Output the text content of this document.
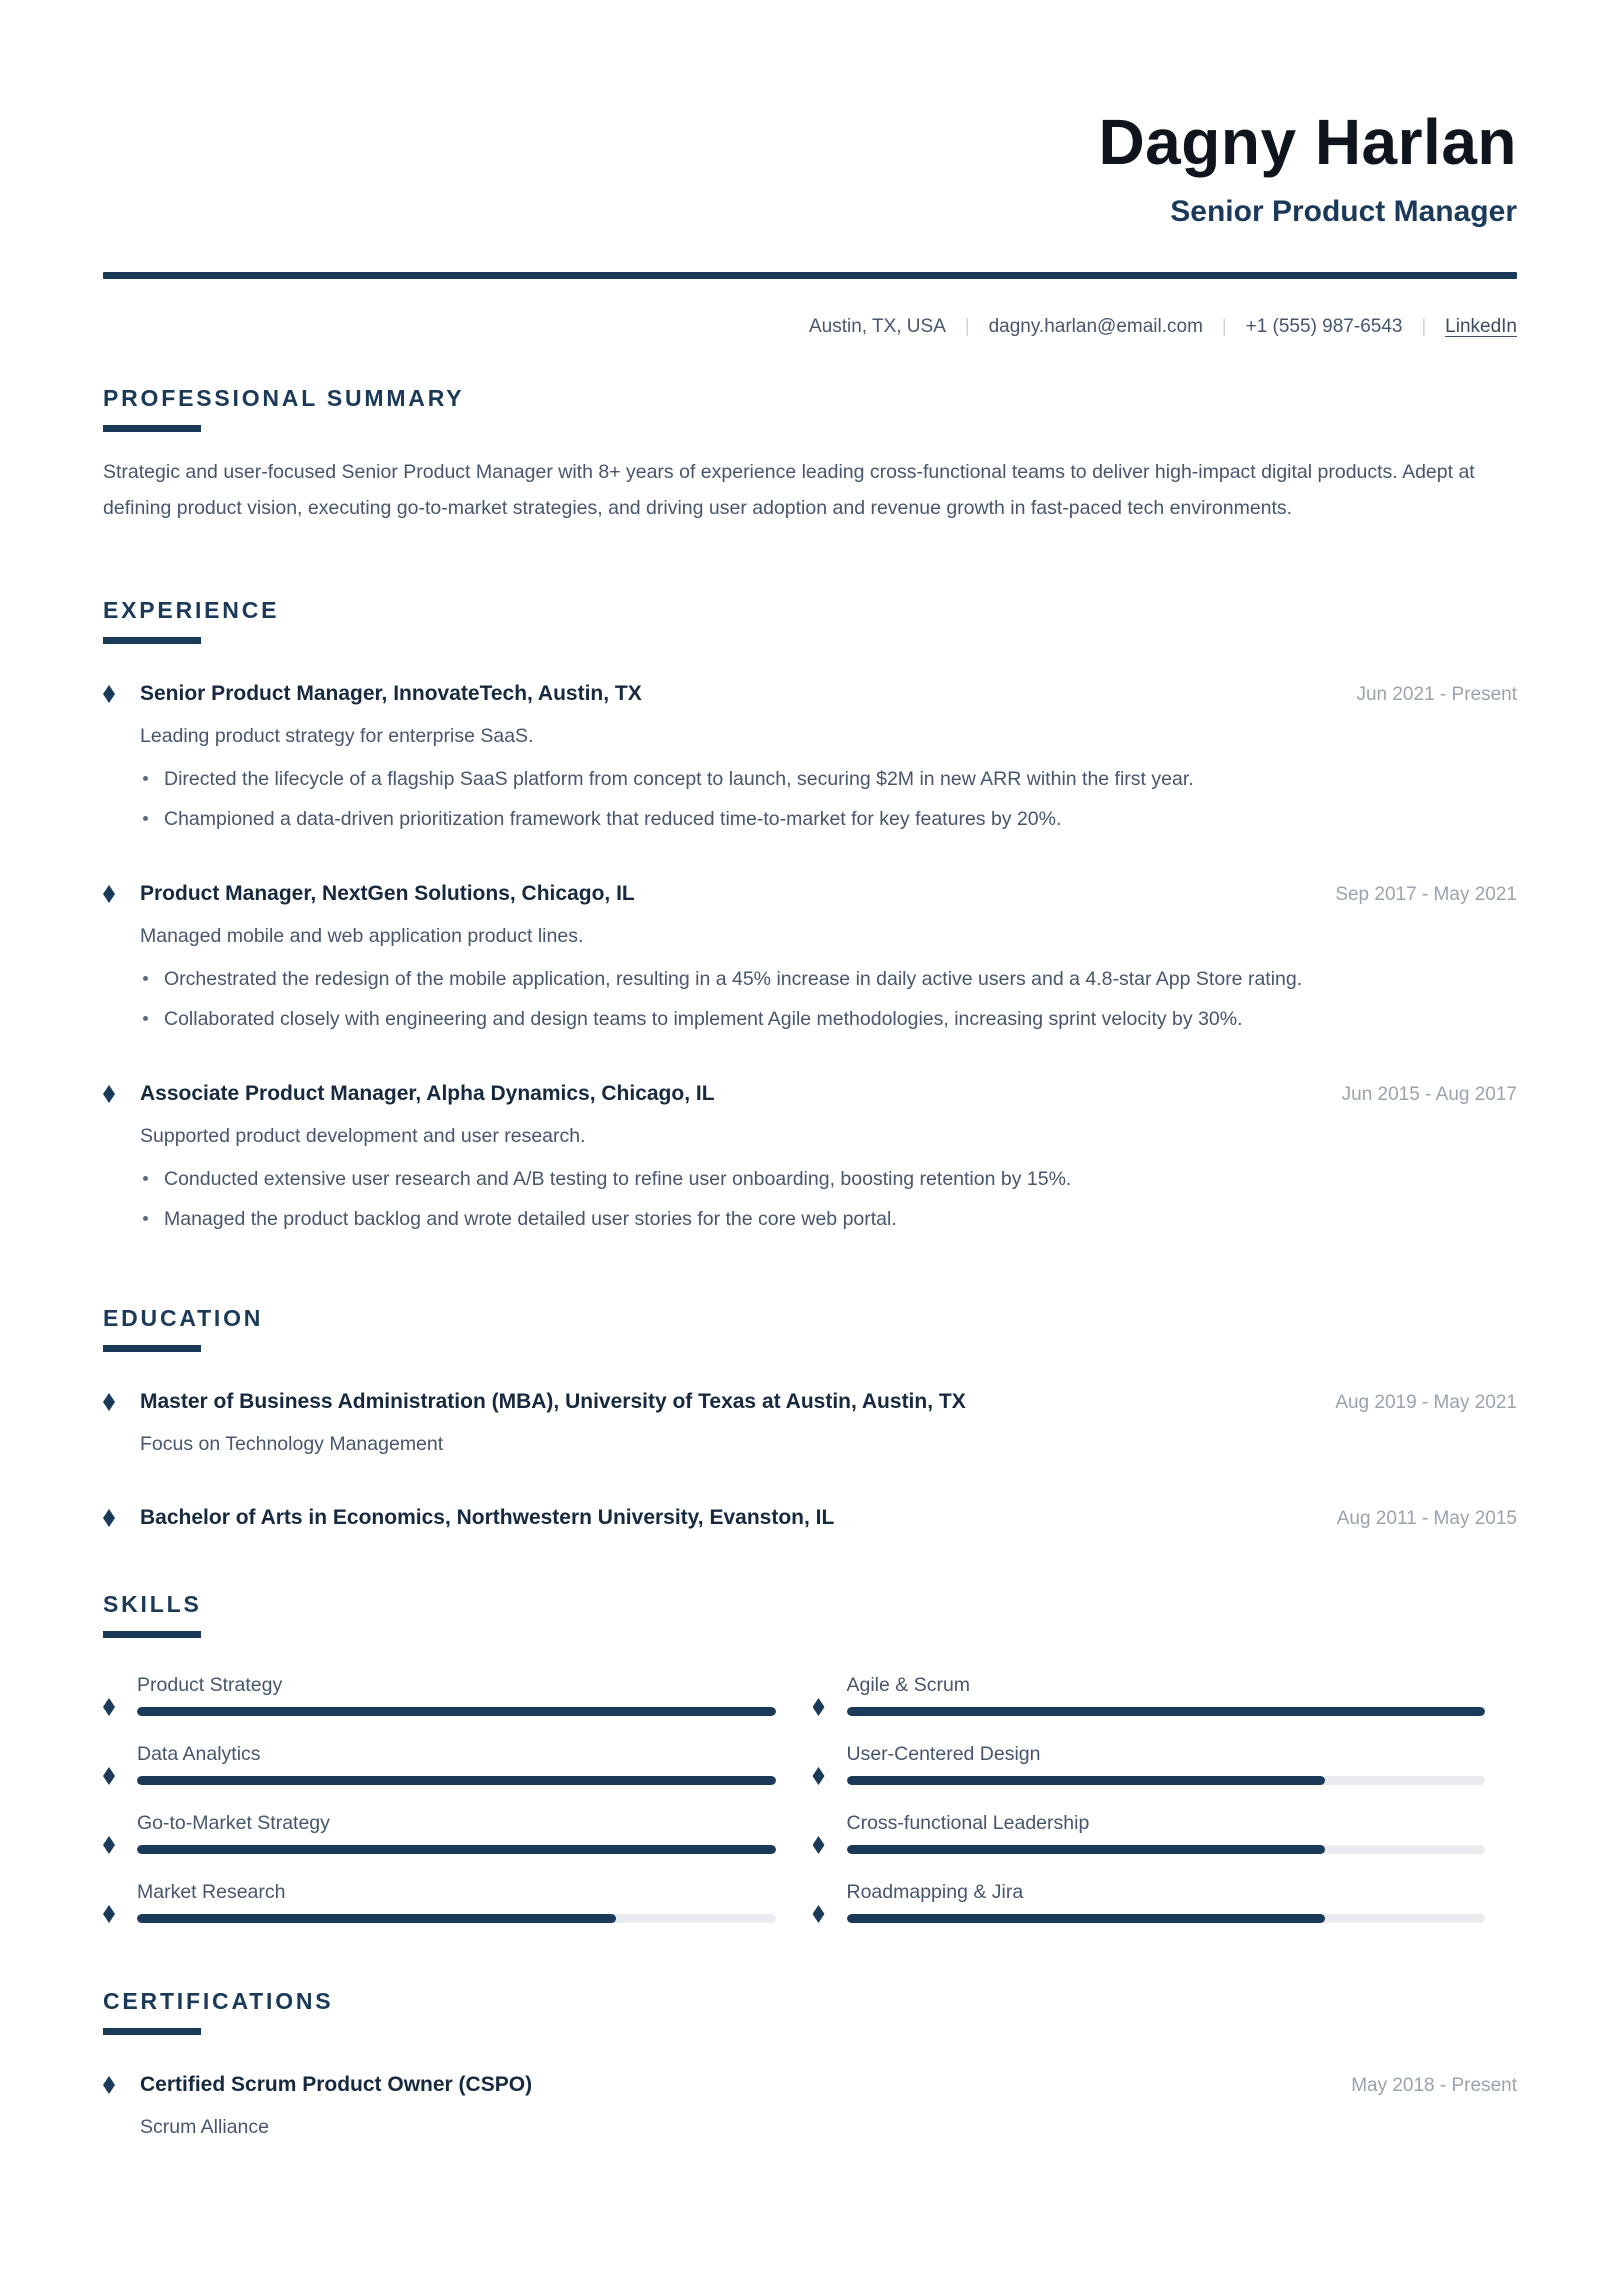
Dagny Harlan
Senior Product Manager
Austin, TX, USA | dagny.harlan@email.com | +1 (555) 987-6543 | LinkedIn
PROFESSIONAL SUMMARY
Strategic and user-focused Senior Product Manager with 8+ years of experience leading cross-functional teams to deliver high-impact digital products. Adept at defining product vision, executing go-to-market strategies, and driving user adoption and revenue growth in fast-paced tech environments.
EXPERIENCE
Senior Product Manager, InnovateTech, Austin, TX	Jun 2021 - Present
Leading product strategy for enterprise SaaS.
Directed the lifecycle of a flagship SaaS platform from concept to launch, securing $2M in new ARR within the first year.
Championed a data-driven prioritization framework that reduced time-to-market for key features by 20%.
Product Manager, NextGen Solutions, Chicago, IL	Sep 2017 - May 2021
Managed mobile and web application product lines.
Orchestrated the redesign of the mobile application, resulting in a 45% increase in daily active users and a 4.8-star App Store rating.
Collaborated closely with engineering and design teams to implement Agile methodologies, increasing sprint velocity by 30%.
Associate Product Manager, Alpha Dynamics, Chicago, IL	Jun 2015 - Aug 2017
Supported product development and user research.
Conducted extensive user research and A/B testing to refine user onboarding, boosting retention by 15%.
Managed the product backlog and wrote detailed user stories for the core web portal.
EDUCATION
Master of Business Administration (MBA), University of Texas at Austin, Austin, TX	Aug 2019 - May 2021
Focus on Technology Management
Bachelor of Arts in Economics, Northwestern University, Evanston, IL	Aug 2011 - May 2015
SKILLS
Product Strategy	Agile & Scrum
Data Analytics	User-Centered Design
Go-to-Market Strategy	Cross-functional Leadership
Market Research	Roadmapping & Jira
CERTIFICATIONS
Certified Scrum Product Owner (CSPO)	May 2018 - Present
Scrum Alliance
